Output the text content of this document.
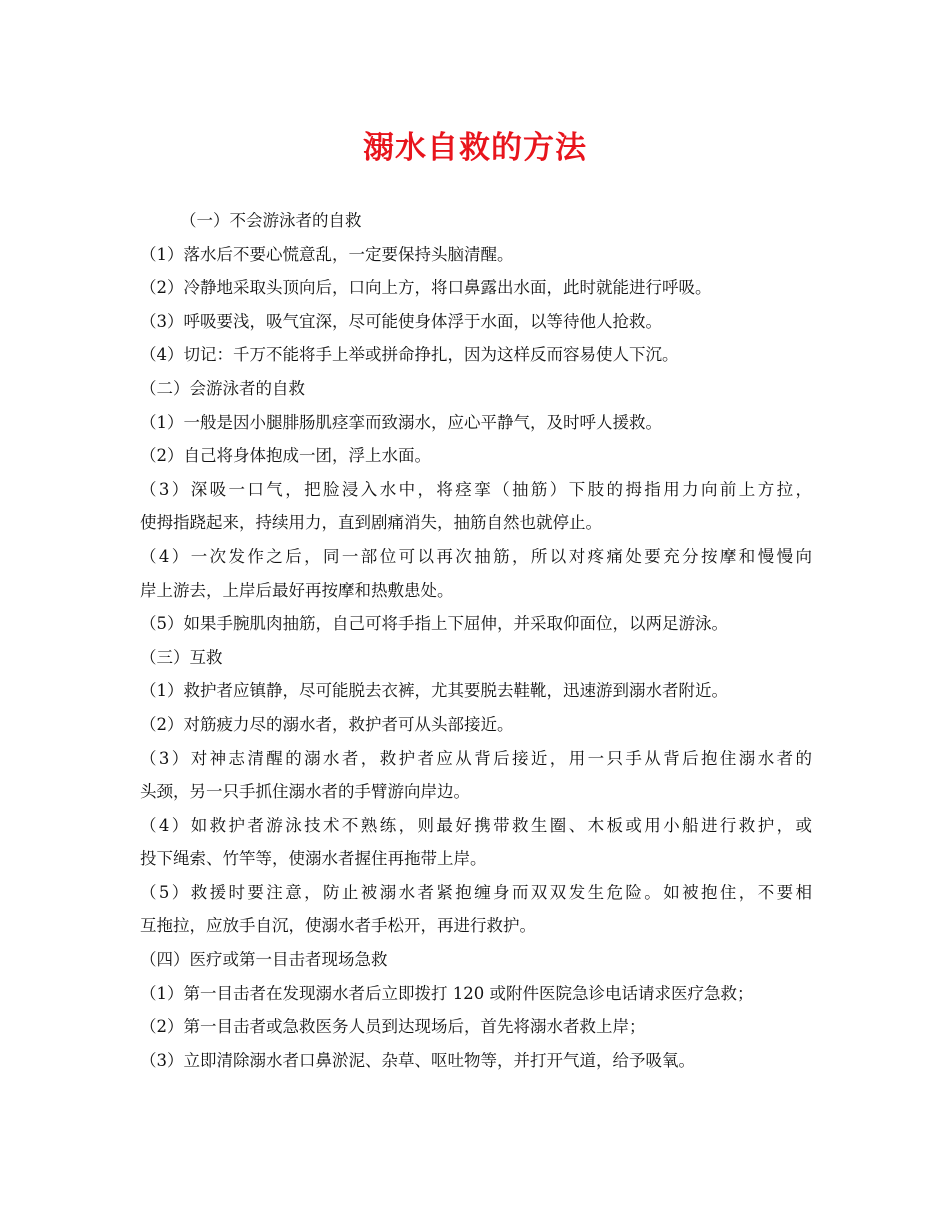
溺水自救的方法
（一）不会游泳者的自救
（1）落水后不要心慌意乱，一定要保持头脑清醒。
（2）冷静地采取头顶向后，口向上方，将口鼻露出水面，此时就能进行呼吸。
（3）呼吸要浅，吸气宜深，尽可能使身体浮于水面，以等待他人抢救。
（4）切记：千万不能将手上举或拼命挣扎，因为这样反而容易使人下沉。
（二）会游泳者的自救
（1）一般是因小腿腓肠肌痉挛而致溺水，应心平静气，及时呼人援救。
（2）自己将身体抱成一团，浮上水面。
（3）深吸一口气，把脸浸入水中，将痉挛（抽筋）下肢的拇指用力向前上方拉，
使拇指跷起来，持续用力，直到剧痛消失，抽筋自然也就停止。
（4）一次发作之后，同一部位可以再次抽筋，所以对疼痛处要充分按摩和慢慢向
岸上游去，上岸后最好再按摩和热敷患处。
（5）如果手腕肌肉抽筋，自己可将手指上下屈伸，并采取仰面位，以两足游泳。
（三）互救
（1）救护者应镇静，尽可能脱去衣裤，尤其要脱去鞋靴，迅速游到溺水者附近。
（2）对筋疲力尽的溺水者，救护者可从头部接近。
（3）对神志清醒的溺水者，救护者应从背后接近，用一只手从背后抱住溺水者的
头颈，另一只手抓住溺水者的手臂游向岸边。
（4）如救护者游泳技术不熟练，则最好携带救生圈、木板或用小船进行救护，或
投下绳索、竹竿等，使溺水者握住再拖带上岸。
（5）救援时要注意，防止被溺水者紧抱缠身而双双发生危险。如被抱住，不要相
互拖拉，应放手自沉，使溺水者手松开，再进行救护。
（四）医疗或第一目击者现场急救
（1）第一目击者在发现溺水者后立即拨打 120 或附件医院急诊电话请求医疗急救；
（2）第一目击者或急救医务人员到达现场后，首先将溺水者救上岸；
（3）立即清除溺水者口鼻淤泥、杂草、呕吐物等，并打开气道，给予吸氧。
